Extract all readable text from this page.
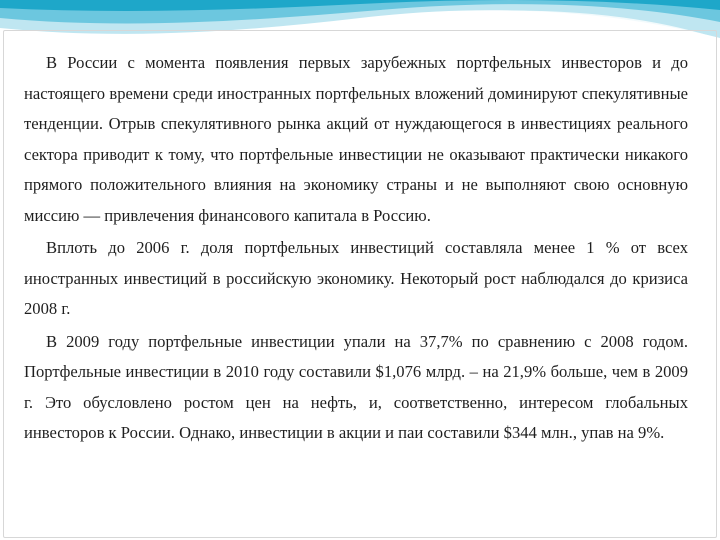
В России с момента появления первых зарубежных портфельных инвесторов и до настоящего времени среди иностранных портфельных вложений доминируют спекулятивные тенденции. Отрыв спекулятивного рынка акций от нуждающегося в инвестициях реального сектора приводит к тому, что портфельные инвестиции не оказывают практически никакого прямого положительного влияния на экономику страны и не выполняют свою основную миссию — привлечения финансового капитала в Россию.

Вплоть до 2006 г. доля портфельных инвестиций составляла менее 1 % от всех иностранных инвестиций в российскую экономику. Некоторый рост наблюдался до кризиса 2008 г.

В 2009 году портфельные инвестиции упали на 37,7% по сравнению с 2008 годом. Портфельные инвестиции в 2010 году составили $1,076 млрд. – на 21,9% больше, чем в 2009 г. Это обусловлено ростом цен на нефть, и, соответственно, интересом глобальных инвесторов к России. Однако, инвестиции в акции и паи составили $344 млн., упав на 9%.
